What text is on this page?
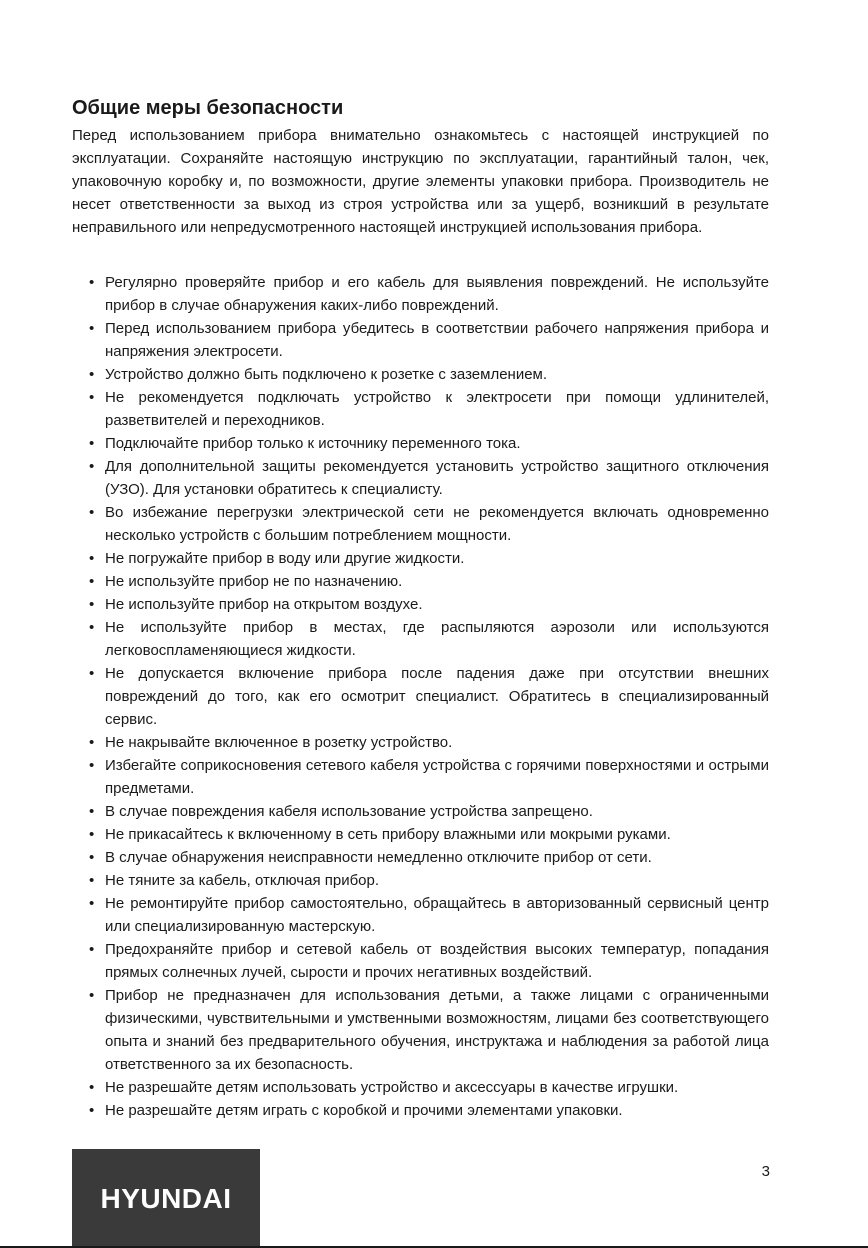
Общие меры безопасности

Перед использованием прибора внимательно ознакомьтесь с настоящей инструкцией по эксплуатации. Сохраняйте настоящую инструкцию по эксплуатации, гарантийный талон, чек, упаковочную коробку и, по возможности, другие элементы упаковки прибора. Производитель не несет ответственности за выход из строя устройства или за ущерб, возникший в результате неправильного или непредусмотренного настоящей инструкцией использования прибора.

• Регулярно проверяйте прибор и его кабель для выявления повреждений. Не используйте прибор в случае обнаружения каких-либо повреждений.
• Перед использованием прибора убедитесь в соответствии рабочего напряжения прибора и напряжения электросети.
• Устройство должно быть подключено к розетке с заземлением.
• Не рекомендуется подключать устройство к электросети при помощи удлинителей, разветвителей и переходников.
• Подключайте прибор только к источнику переменного тока.
• Для дополнительной защиты рекомендуется установить устройство защитного отключения (УЗО). Для установки обратитесь к специалисту.
• Во избежание перегрузки электрической сети не рекомендуется включать одновременно несколько устройств с большим потреблением мощности.
• Не погружайте прибор в воду или другие жидкости.
• Не используйте прибор не по назначению.
• Не используйте прибор на открытом воздухе.
• Не используйте прибор в местах, где распыляются аэрозоли или используются легковоспламеняющиеся жидкости.
• Не допускается включение прибора после падения даже при отсутствии внешних повреждений до того, как его осмотрит специалист. Обратитесь в специализированный сервис.
• Не накрывайте включенное в розетку устройство.
• Избегайте соприкосновения сетевого кабеля устройства с горячими поверхностями и острыми предметами.
• В случае повреждения кабеля использование устройства запрещено.
• Не прикасайтесь к включенному в сеть прибору влажными или мокрыми руками.
• В случае обнаружения неисправности немедленно отключите прибор от сети.
• Не тяните за кабель, отключая прибор.
• Не ремонтируйте прибор самостоятельно, обращайтесь в авторизованный сервисный центр или специализированную мастерскую.
• Предохраняйте прибор и сетевой кабель от воздействия высоких температур, попадания прямых солнечных лучей, сырости и прочих негативных воздействий.
• Прибор не предназначен для использования детьми, а также лицами с ограниченными физическими, чувствительными и умственными возможностям, лицами без соответствующего опыта и знаний без предварительного обучения, инструктажа и наблюдения за работой лица ответственного за их безопасность.
• Не разрешайте детям использовать устройство и аксессуары в качестве игрушки.
• Не разрешайте детям играть с коробкой и прочими элементами упаковки.
HYUNDAI
3
